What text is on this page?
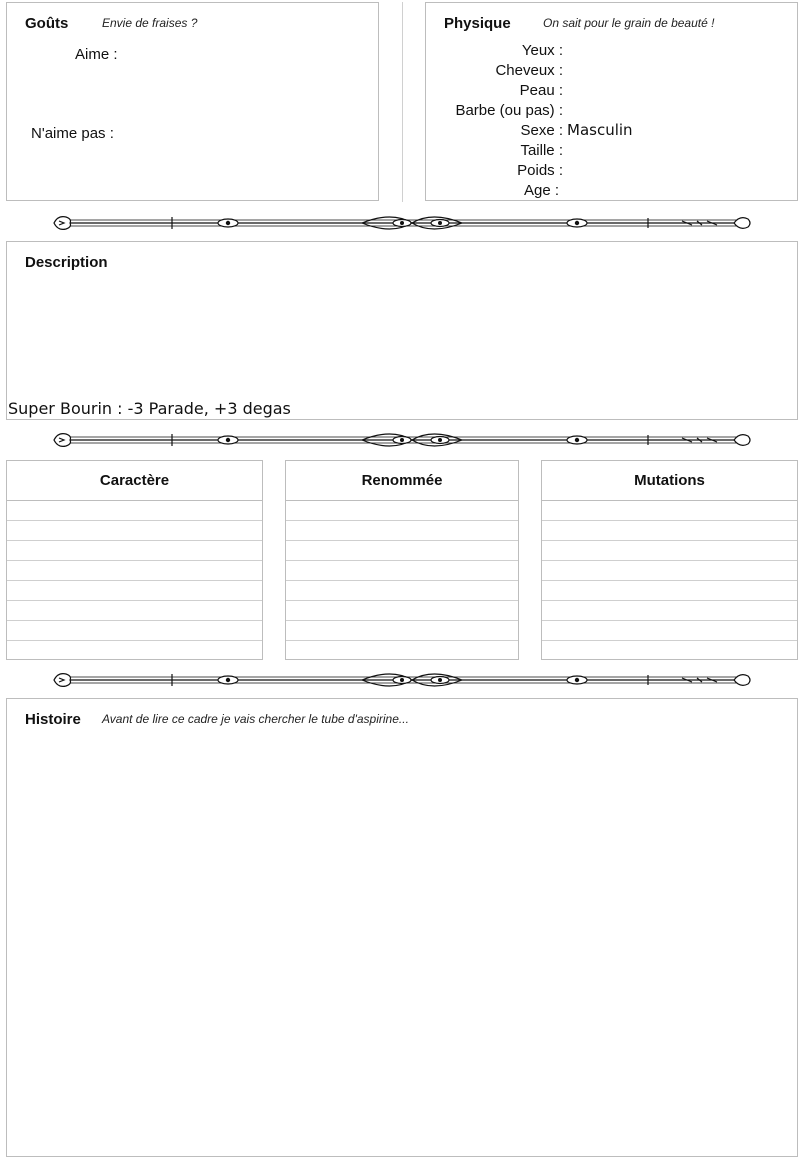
Goûts	Envie de fraises ?
Aime :
N'aime pas :
Physique	On sait pour le grain de beauté !
Yeux :
Cheveux :
Peau :
Barbe (ou pas) :
Sexe : Masculin
Taille :
Poids :
Age :
Description
Super Bourin : -3 Parade, +3 degas
Caractère	Renommée	Mutations
Histoire Avant de lire ce cadre je vais chercher le tube d'aspirine...
